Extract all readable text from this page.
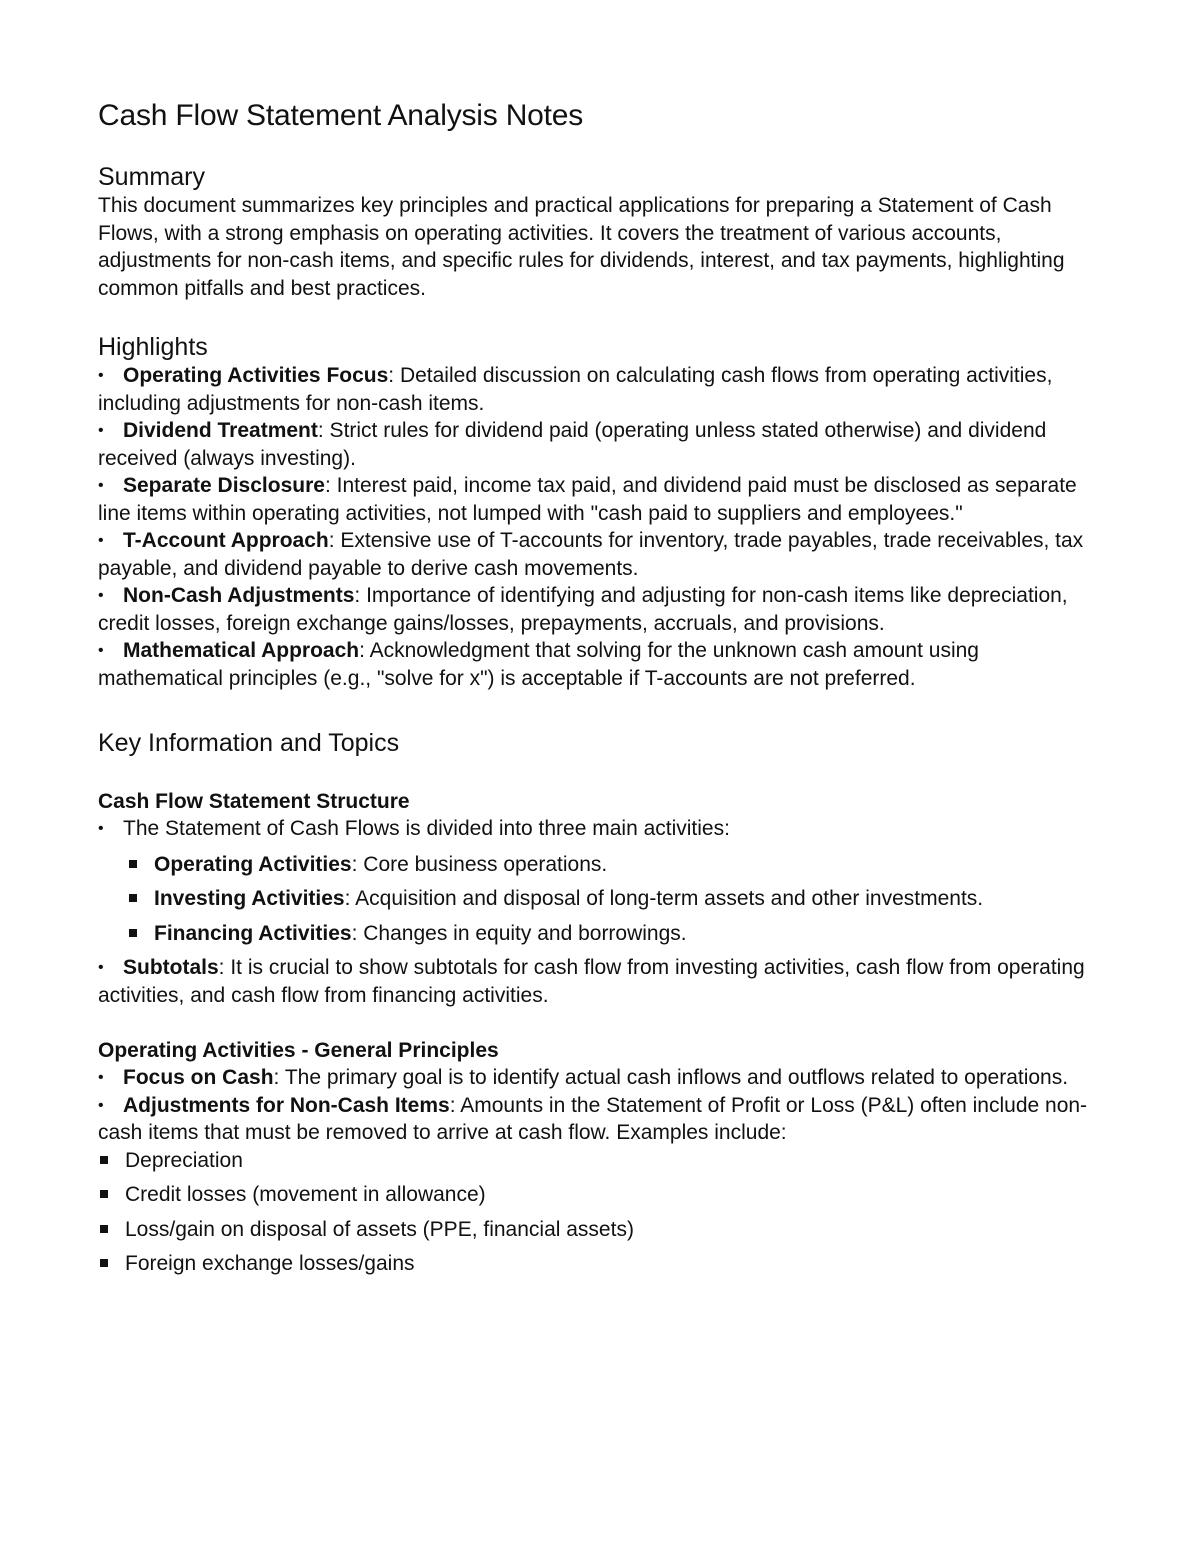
Cash Flow Statement Analysis Notes
Summary

This document summarizes key principles and practical applications for preparing a Statement of Cash Flows, with a strong emphasis on operating activities. It covers the treatment of various accounts, adjustments for non-cash items, and specific rules for dividends, interest, and tax payments, highlighting common pitfalls and best practices.

Highlights

• Operating Activities Focus: Detailed discussion on calculating cash flows from operating activities, including adjustments for non-cash items.

• Dividend Treatment: Strict rules for dividend paid (operating unless stated otherwise) and dividend received (always investing).

• Separate Disclosure: Interest paid, income tax paid, and dividend paid must be disclosed as separate line items within operating activities, not lumped with "cash paid to suppliers and employees."

• T-Account Approach: Extensive use of T-accounts for inventory, trade payables, trade receivables, tax payable, and dividend payable to derive cash movements.

• Non-Cash Adjustments: Importance of identifying and adjusting for non-cash items like depreciation, credit losses, foreign exchange gains/losses, prepayments, accruals, and provisions.

• Mathematical Approach: Acknowledgment that solving for the unknown cash amount using mathematical principles (e.g., "solve for x") is acceptable if T-accounts are not preferred.

Key Information and Topics
Cash Flow Statement Structure

• The Statement of Cash Flows is divided into three main activities:

Operating Activities: Core business operations.

Investing Activities: Acquisition and disposal of long-term assets and other investments.

Financing Activities: Changes in equity and borrowings.

• Subtotals: It is crucial to show subtotals for cash flow from investing activities, cash flow from operating activities, and cash flow from financing activities.

Operating Activities - General Principles

• Focus on Cash: The primary goal is to identify actual cash inflows and outflows related to operations.

• Adjustments for Non-Cash Items: Amounts in the Statement of Profit or Loss (P&L) often include non-cash items that must be removed to arrive at cash flow. Examples include:

Depreciation

Credit losses (movement in allowance)

Loss/gain on disposal of assets (PPE, financial assets)

Foreign exchange losses/gains
